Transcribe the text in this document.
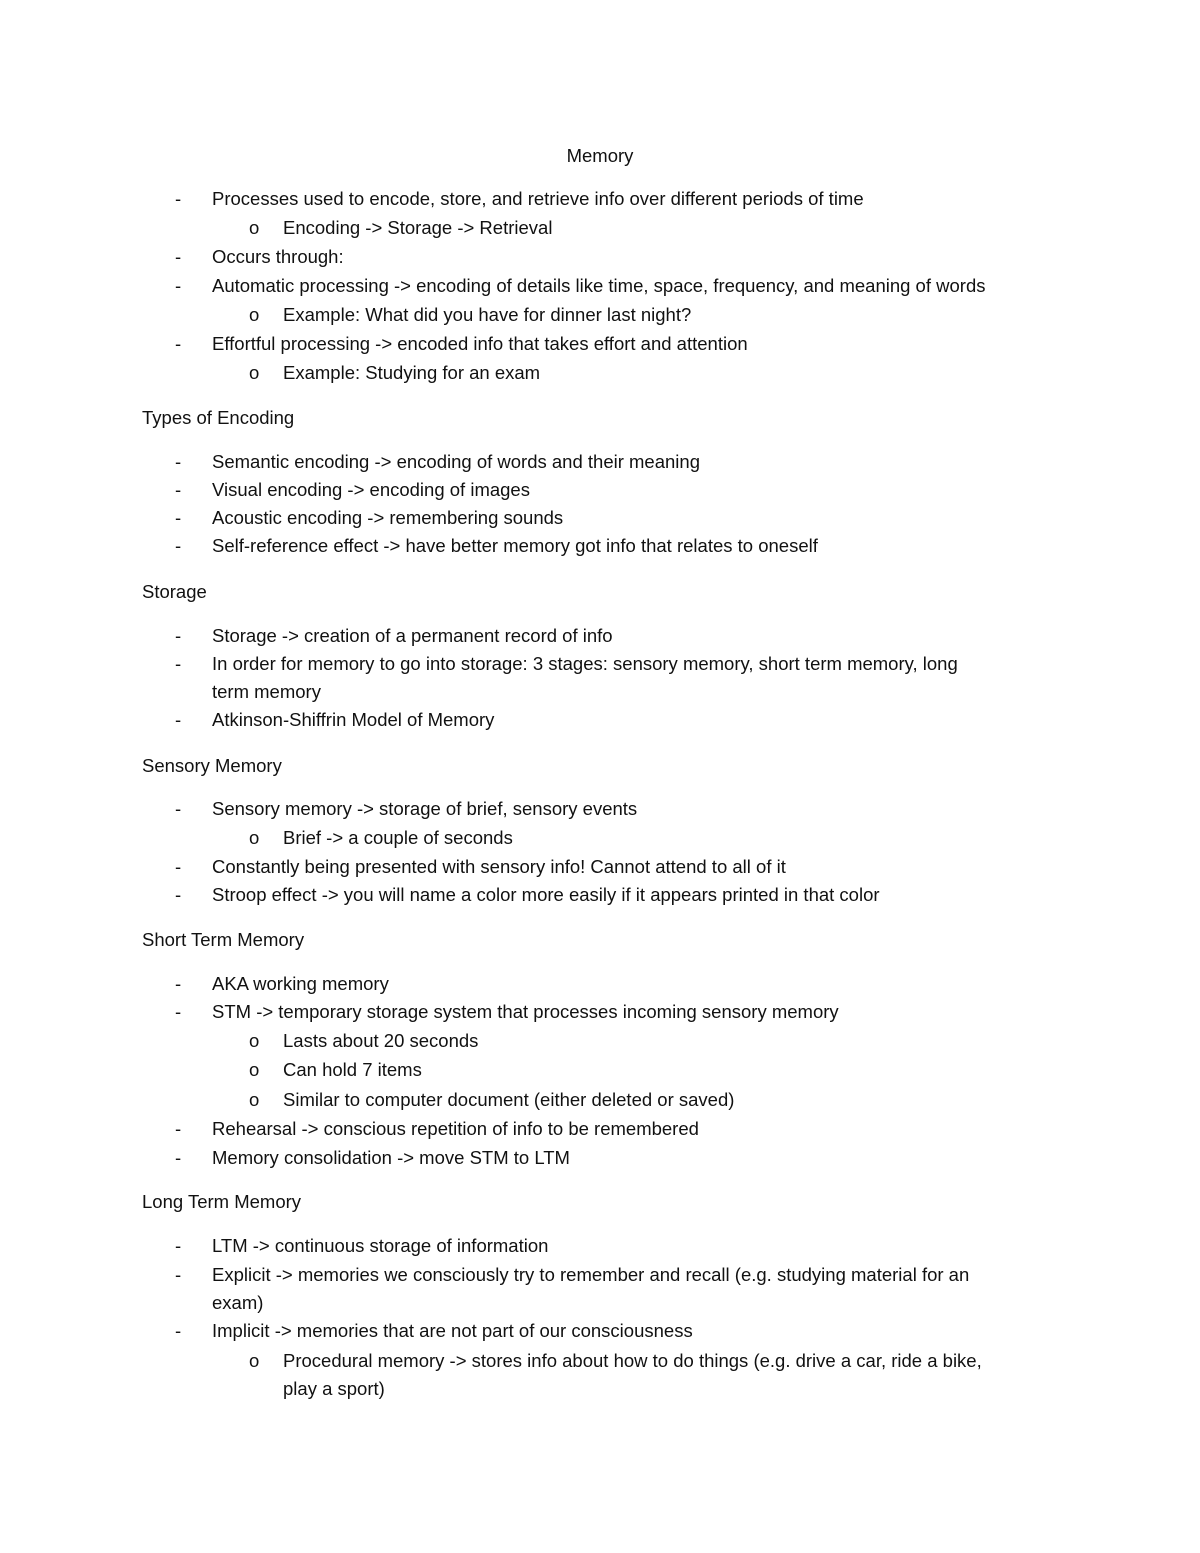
Memory
- Processes used to encode, store, and retrieve info over different periods of time
o Encoding -> Storage -> Retrieval
- Occurs through:
- Automatic processing -> encoding of details like time, space, frequency, and meaning of words
o Example: What did you have for dinner last night?
- Effortful processing -> encoded info that takes effort and attention
o Example: Studying for an exam
Types of Encoding
- Semantic encoding -> encoding of words and their meaning
- Visual encoding -> encoding of images
- Acoustic encoding -> remembering sounds
- Self-reference effect -> have better memory got info that relates to oneself
Storage
- Storage -> creation of a permanent record of info
- In order for memory to go into storage: 3 stages: sensory memory, short term memory, long
term memory
- Atkinson-Shiffrin Model of Memory
Sensory Memory
- Sensory memory -> storage of brief, sensory events
o Brief -> a couple of seconds
- Constantly being presented with sensory info! Cannot attend to all of it
- Stroop effect -> you will name a color more easily if it appears printed in that color
Short Term Memory
- AKA working memory
- STM -> temporary storage system that processes incoming sensory memory
o Lasts about 20 seconds
o Can hold 7 items
o Similar to computer document (either deleted or saved)
- Rehearsal -> conscious repetition of info to be remembered
- Memory consolidation -> move STM to LTM
Long Term Memory
- LTM -> continuous storage of information
- Explicit -> memories we consciously try to remember and recall (e.g. studying material for an
exam)
- Implicit -> memories that are not part of our consciousness
o Procedural memory -> stores info about how to do things (e.g. drive a car, ride a bike,
play a sport)
